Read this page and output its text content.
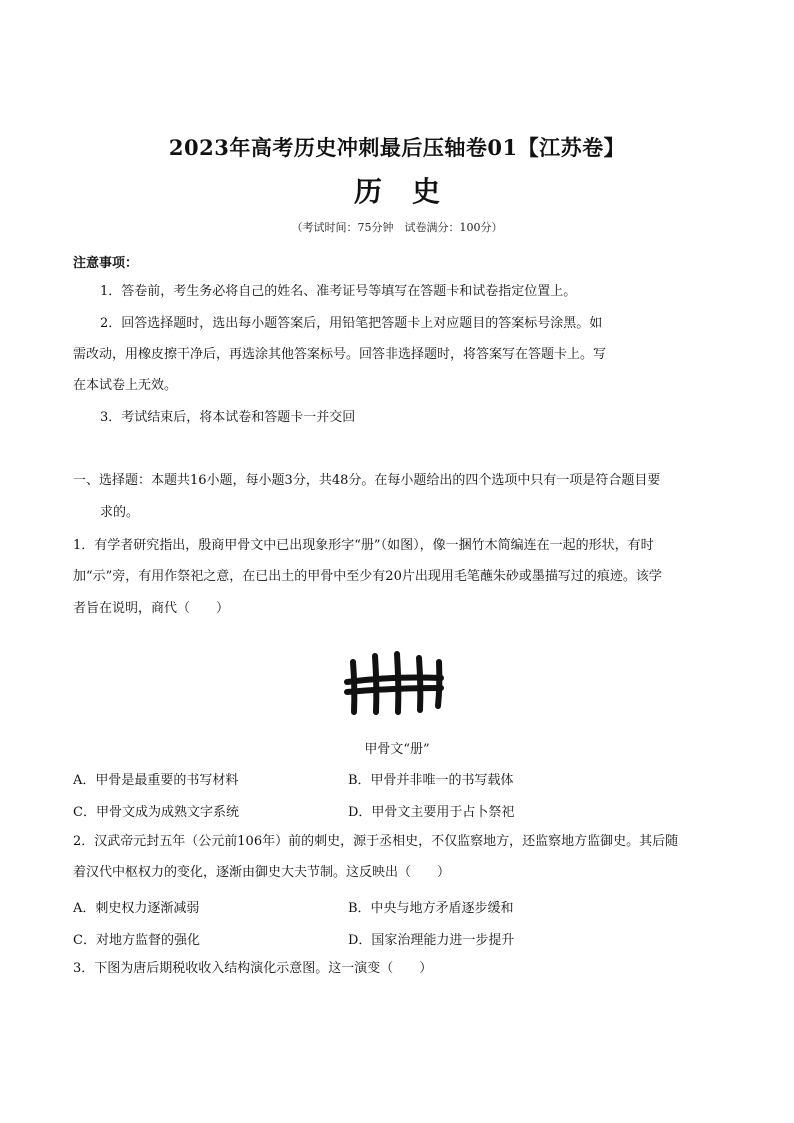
2023年高考历史冲刺最后压轴卷01【江苏卷】
历史
（考试时间：75分钟　试卷满分：100分）
注意事项：
1．答卷前，考生务必将自己的姓名、准考证号等填写在答题卡和试卷指定位置上。
2．回答选择题时，选出每小题答案后，用铅笔把答题卡上对应题目的答案标号涂黑。如
需改动，用橡皮擦干净后，再选涂其他答案标号。回答非选择题时，将答案写在答题卡上。写
在本试卷上无效。
3．考试结束后，将本试卷和答题卡一并交回
一、选择题：本题共16小题，每小题3分，共48分。在每小题给出的四个选项中只有一项是符合题目要
求的。
1．有学者研究指出，殷商甲骨文中已出现象形字“册”（如图），像一捆竹木简编连在一起的形状，有时
加“示”旁，有用作祭祀之意，在已出土的甲骨中至少有20片出现用毛笔蘸朱砂或墨描写过的痕迹。该学
者旨在说明，商代（　　）
甲骨文“册”
A．甲骨是最重要的书写材料	B．甲骨并非唯一的书写载体
C．甲骨文成为成熟文字系统	D．甲骨文主要用于占卜祭祀
2．汉武帝元封五年（公元前106年）前的刺史，源于丞相史，不仅监察地方，还监察地方监御史。其后随
着汉代中枢权力的变化，逐渐由御史大夫节制。这反映出（　　）
A．刺史权力逐渐减弱	B．中央与地方矛盾逐步缓和
C．对地方监督的强化	D．国家治理能力进一步提升
3．下图为唐后期税收收入结构演化示意图。这一演变（　　）
